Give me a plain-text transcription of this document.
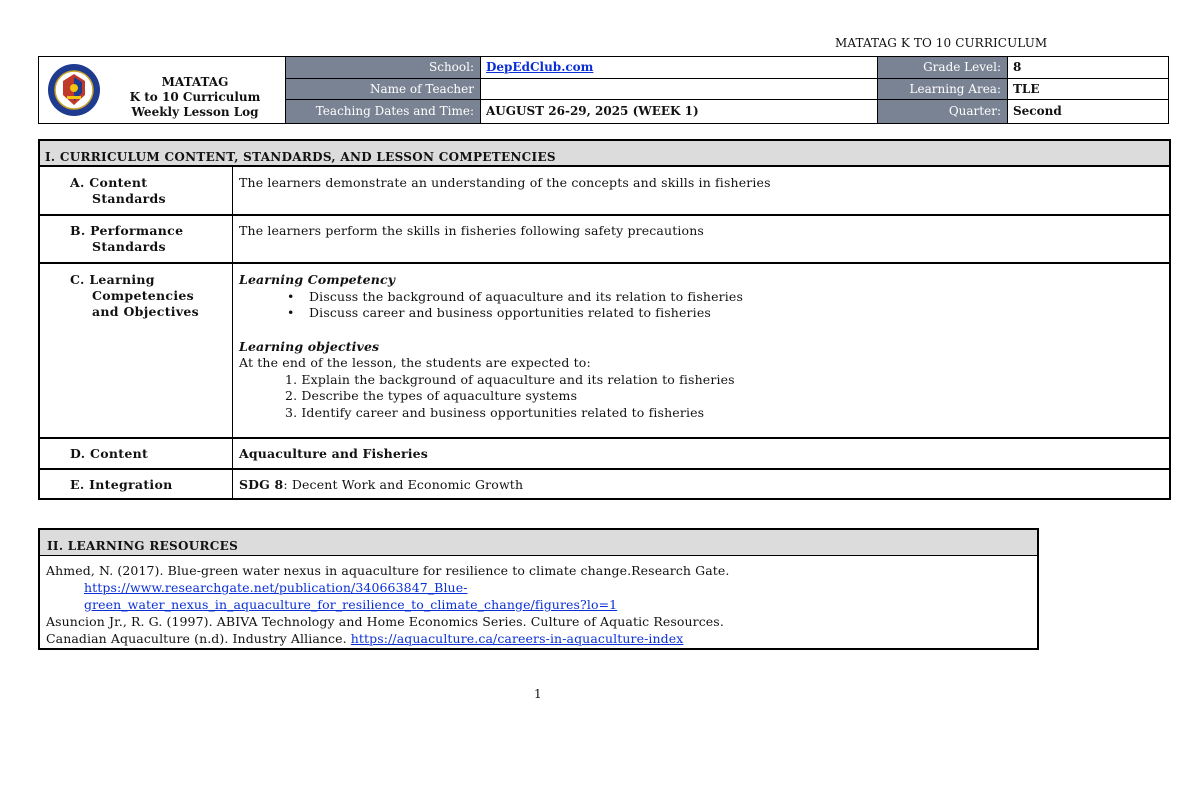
MATATAG K TO 10 CURRICULUM
MATATAG
K to 10 Curriculum
Weekly Lesson Log
School:
Name of Teacher
Teaching Dates and Time:
DepEdClub.com
AUGUST 26-29, 2025 (WEEK 1)
Grade Level:
Learning Area:
Quarter:
8
TLE
Second
I. CURRICULUM CONTENT, STANDARDS, AND LESSON COMPETENCIES
A. Content
Standards
The learners demonstrate an understanding of the concepts and skills in fisheries
B. Performance
Standards
The learners perform the skills in fisheries following safety precautions
C. Learning
Competencies
and Objectives
Learning Competency
• Discuss the background of aquaculture and its relation to fisheries
• Discuss career and business opportunities related to fisheries
Learning objectives
At the end of the lesson, the students are expected to:
1. Explain the background of aquaculture and its relation to fisheries
2. Describe the types of aquaculture systems
3. Identify career and business opportunities related to fisheries
D. Content	Aquaculture and Fisheries
E. Integration	SDG 8: Decent Work and Economic Growth
II. LEARNING RESOURCES
Ahmed, N. (2017). Blue-green water nexus in aquaculture for resilience to climate change.Research Gate.
https://www.researchgate.net/publication/340663847_Blue-
green_water_nexus_in_aquaculture_for_resilience_to_climate_change/figures?lo=1
Asuncion Jr., R. G. (1997). ABIVA Technology and Home Economics Series. Culture of Aquatic Resources.
Canadian Aquaculture (n.d). Industry Alliance. https://aquaculture.ca/careers-in-aquaculture-index
1
